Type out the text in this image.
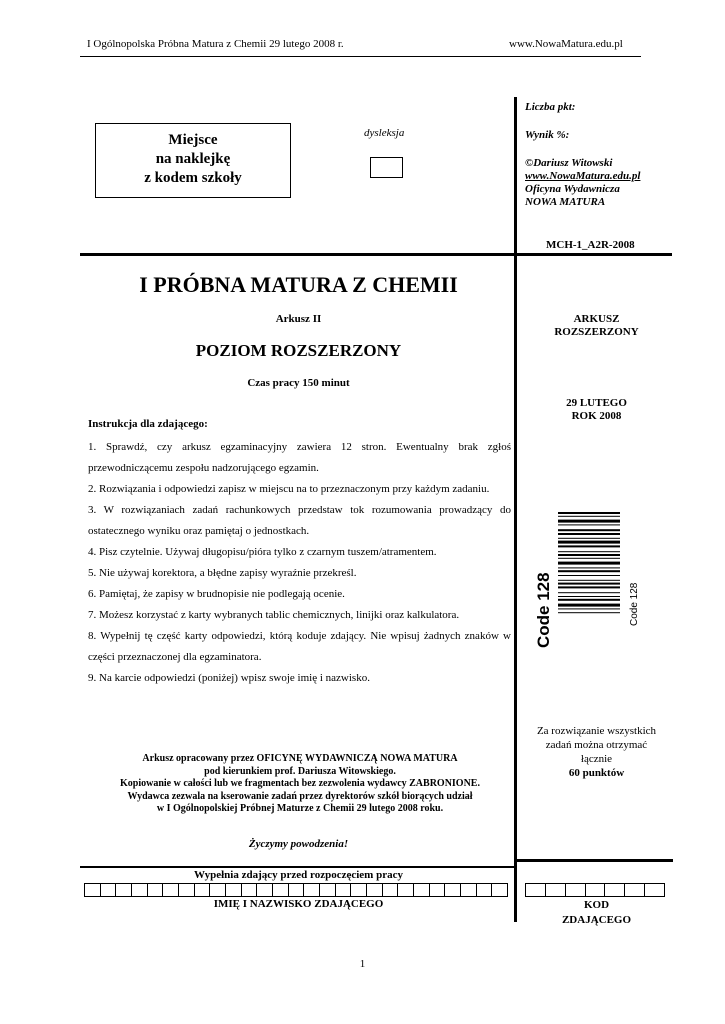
I Ogólnopolska Próbna Matura z Chemii 29 lutego 2008 r.	www.NowaMatura.edu.pl
Miejsce
na naklejkę
z kodem szkoły
dysleksja
Liczba pkt:
Wynik %:
©Dariusz Witowski
www.NowaMatura.edu.pl
Oficyna Wydawnicza
NOWA MATURA
MCH-1_A2R-2008
I PRÓBNA MATURA Z CHEMII
Arkusz II
POZIOM ROZSZERZONY
Czas pracy 150 minut
Instrukcja dla zdającego:

1. Sprawdź, czy arkusz egzaminacyjny zawiera 12 stron. Ewentualny brak zgłoś przewodniczącemu zespołu nadzorującego egzamin.

2. Rozwiązania i odpowiedzi zapisz w miejscu na to przeznaczonym przy każdym zadaniu.

3. W rozwiązaniach zadań rachunkowych przedstaw tok rozumowania prowadzący do ostatecznego wyniku oraz pamiętaj o jednostkach.

4. Pisz czytelnie. Używaj długopisu/pióra tylko z czarnym tuszem/atramentem.

5. Nie używaj korektora, a błędne zapisy wyraźnie przekreśl.

6. Pamiętaj, że zapisy w brudnopisie nie podlegają ocenie.

7. Możesz korzystać z karty wybranych tablic chemicznych, linijki oraz kalkulatora.

8. Wypełnij tę część karty odpowiedzi, którą koduje zdający. Nie wpisuj żadnych znaków w części przeznaczonej dla egzaminatora.

9. Na karcie odpowiedzi (poniżej) wpisz swoje imię i nazwisko.

ARKUSZ
ROZSZERZONY
29 LUTEGO
ROK 2008
Code 128	Code 128
Za rozwiązanie wszystkich
zadań można otrzymać
łącznie
60 punktów
Arkusz opracowany przez OFICYNĘ WYDAWNICZĄ NOWA MATURA
pod kierunkiem prof. Dariusza Witowskiego.
Kopiowanie w całości lub we fragmentach bez zezwolenia wydawcy ZABRONIONE.
Wydawca zezwala na kserowanie zadań przez dyrektorów szkół biorących udział
w I Ogólnopolskiej Próbnej Maturze z Chemii 29 lutego 2008 roku.
Życzymy powodzenia!
Wypełnia zdający przed rozpoczęciem pracy
IMIĘ I NAZWISKO ZDAJĄCEGO	KOD
ZDAJĄCEGO
1
